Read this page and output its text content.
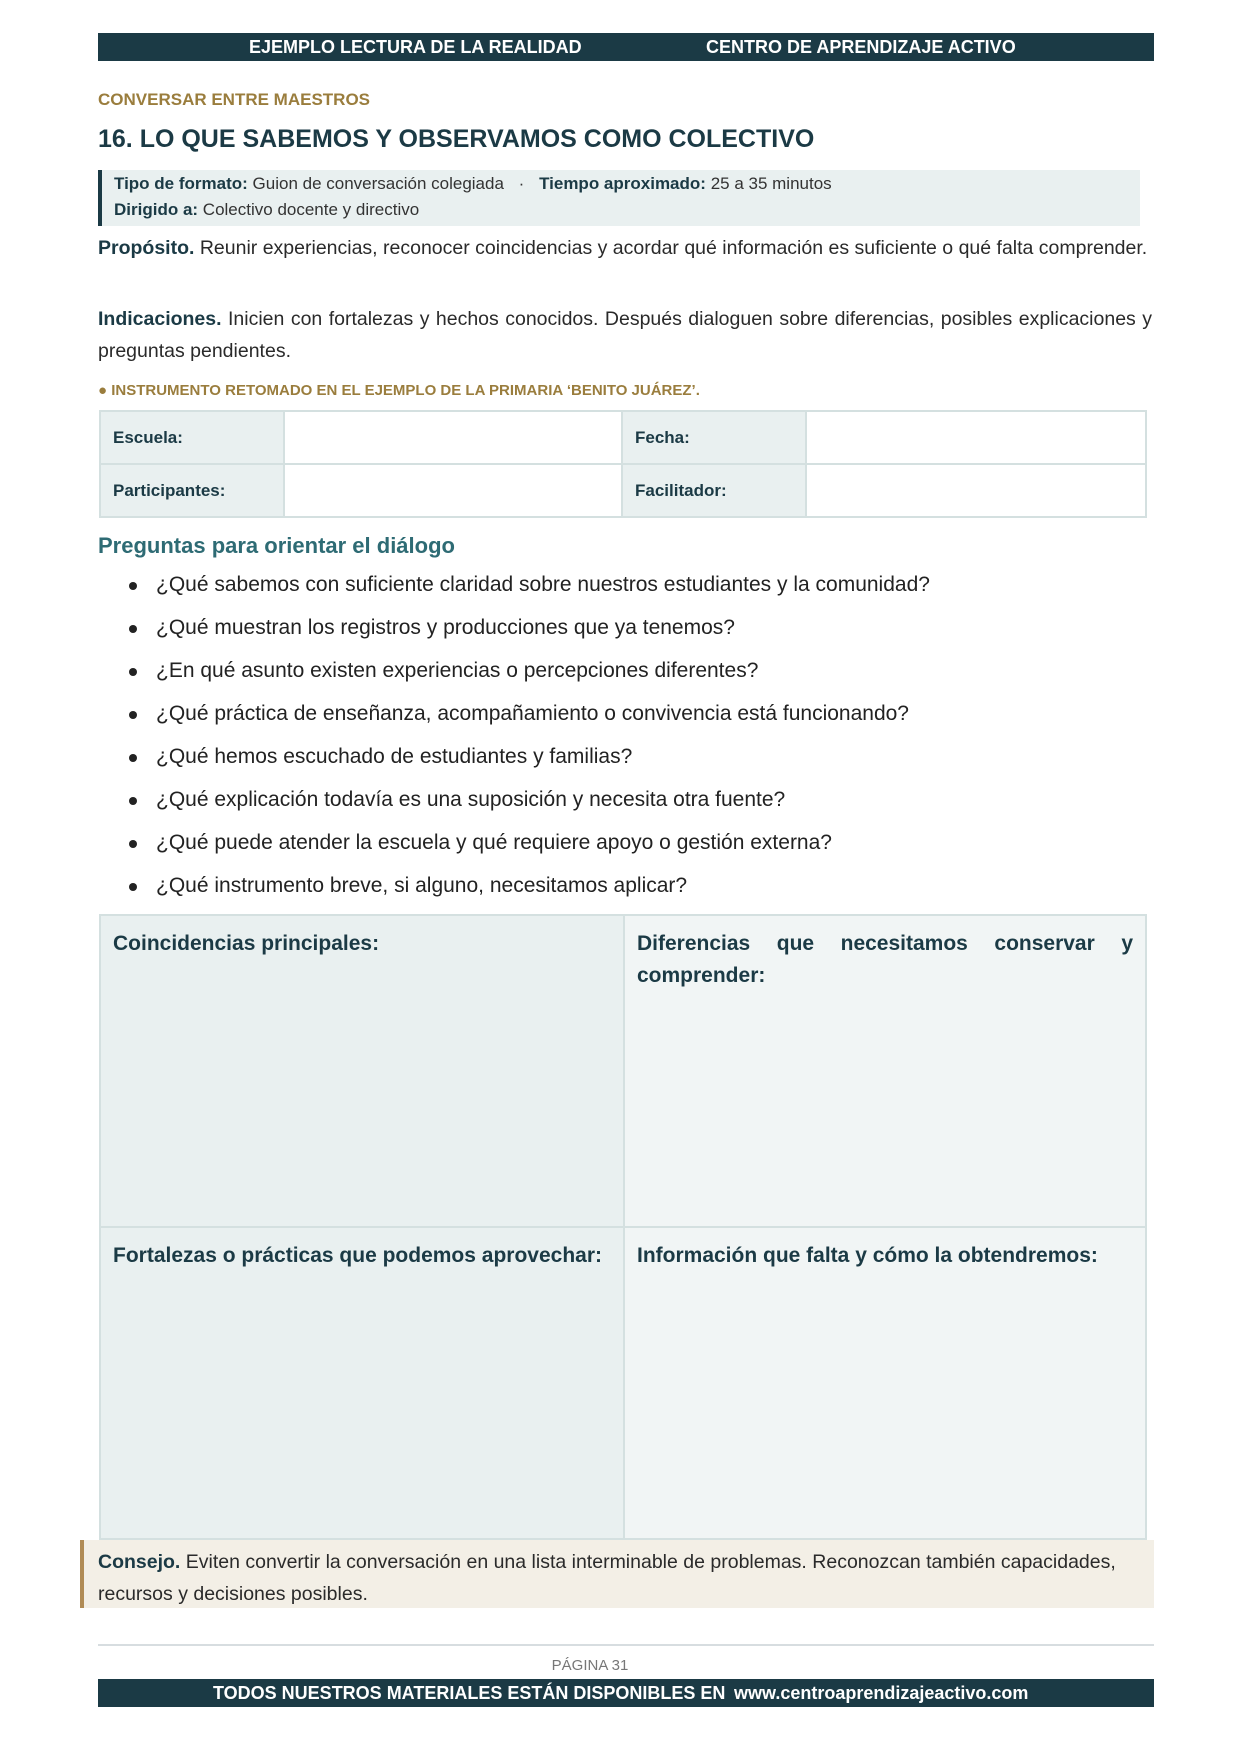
EJEMPLO LECTURA DE LA REALIDAD	CENTRO DE APRENDIZAJE ACTIVO
CONVERSAR ENTRE MAESTROS
16. LO QUE SABEMOS Y OBSERVAMOS COMO COLECTIVO
Tipo de formato: Guion de conversación colegiada · Tiempo aproximado: 25 a 35 minutos
Dirigido a: Colectivo docente y directivo
Propósito. Reunir experiencias, reconocer coincidencias y acordar qué información es suficiente o qué falta comprender.
Indicaciones. Inicien con fortalezas y hechos conocidos. Después dialoguen sobre diferencias, posibles explicaciones y preguntas pendientes.
● INSTRUMENTO RETOMADO EN EL EJEMPLO DE LA PRIMARIA ‘BENITO JUÁREZ’.
Escuela:	Fecha:
Participantes:	Facilitador:
Preguntas para orientar el diálogo
¿Qué sabemos con suficiente claridad sobre nuestros estudiantes y la comunidad?
¿Qué muestran los registros y producciones que ya tenemos?
¿En qué asunto existen experiencias o percepciones diferentes?
¿Qué práctica de enseñanza, acompañamiento o convivencia está funcionando?
¿Qué hemos escuchado de estudiantes y familias?
¿Qué explicación todavía es una suposición y necesita otra fuente?
¿Qué puede atender la escuela y qué requiere apoyo o gestión externa?
¿Qué instrumento breve, si alguno, necesitamos aplicar?
Coincidencias principales:	Diferencias que necesitamos conservar y comprender:
Fortalezas o prácticas que podemos aprovechar:	Información que falta y cómo la obtendremos:
Consejo. Eviten convertir la conversación en una lista interminable de problemas. Reconozcan también capacidades, recursos y decisiones posibles.
PÁGINA 31
TODOS NUESTROS MATERIALES ESTÁN DISPONIBLES EN www.centroaprendizajeactivo.com
